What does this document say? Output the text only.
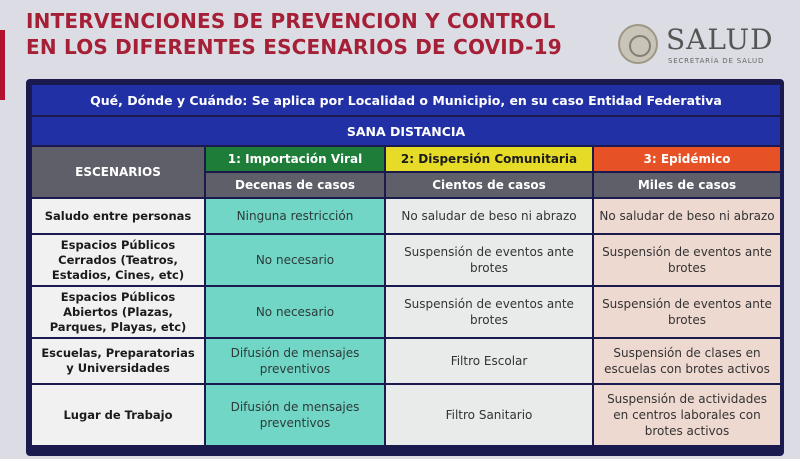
INTERVENCIONES DE PREVENCION Y CONTROL
EN LOS DIFERENTES ESCENARIOS DE COVID-19	SALUD
SECRETARÍA DE SALUD
Qué, Dónde y Cuándo: Se aplica por Localidad o Municipio, en su caso Entidad Federativa			
SANA DISTANCIA			
ESCENARIOS	1: Importación Viral	2: Dispersión Comunitaria	3: Epidémico
	Decenas de casos	Cientos de casos	Miles de casos
Saludo entre personas	Ninguna restricción	No saludar de beso ni abrazo	No saludar de beso ni abrazo
Espacios Públicos Cerrados (Teatros, Estadios, Cines, etc)	No necesario	Suspensión de eventos ante brotes	Suspensión de eventos ante brotes
Espacios Públicos Abiertos (Plazas, Parques, Playas, etc)	No necesario	Suspensión de eventos ante brotes	Suspensión de eventos ante brotes
Escuelas, Preparatorias y Universidades	Difusión de mensajes preventivos	Filtro Escolar	Suspensión de clases en escuelas con brotes activos
Lugar de Trabajo	Difusión de mensajes preventivos	Filtro Sanitario	Suspensión de actividades en centros laborales con brotes activos
